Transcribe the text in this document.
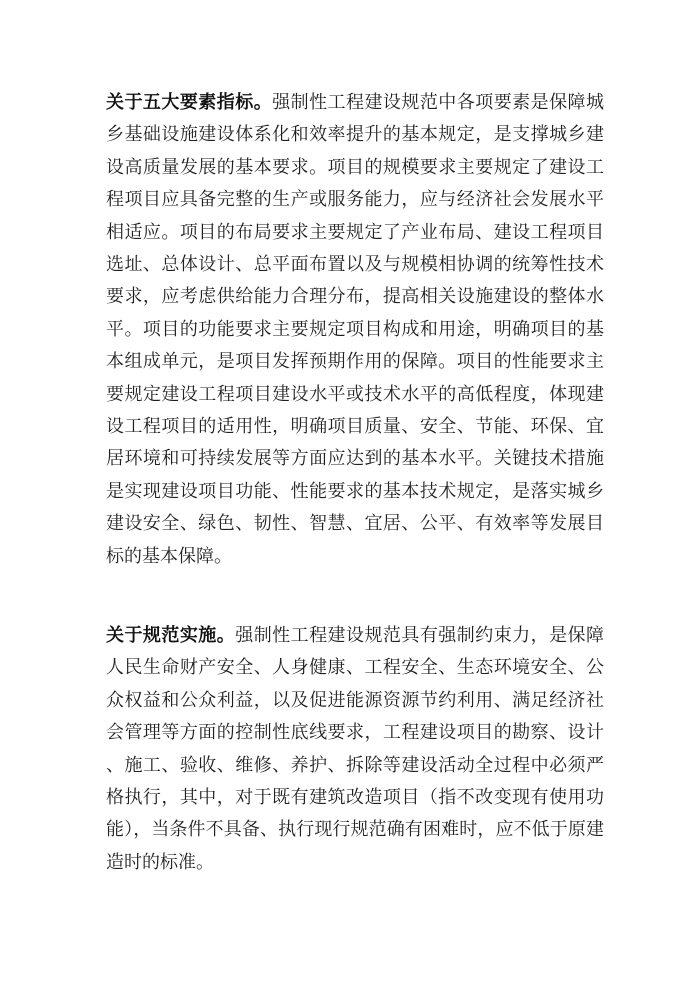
关于五大要素指标。强制性工程建设规范中各项要素是保障城乡基础设施建设体系化和效率提升的基本规定，是支撑城乡建设高质量发展的基本要求。项目的规模要求主要规定了建设工程项目应具备完整的生产或服务能力，应与经济社会发展水平相适应。项目的布局要求主要规定了产业布局、建设工程项目选址、总体设计、总平面布置以及与规模相协调的统筹性技术要求，应考虑供给能力合理分布，提高相关设施建设的整体水平。项目的功能要求主要规定项目构成和用途，明确项目的基本组成单元，是项目发挥预期作用的保障。项目的性能要求主要规定建设工程项目建设水平或技术水平的高低程度，体现建设工程项目的适用性，明确项目质量、安全、节能、环保、宜居环境和可持续发展等方面应达到的基本水平。关键技术措施是实现建设项目功能、性能要求的基本技术规定，是落实城乡建设安全、绿色、韧性、智慧、宜居、公平、有效率等发展目标的基本保障。

关于规范实施。强制性工程建设规范具有强制约束力，是保障人民生命财产安全、人身健康、工程安全、生态环境安全、公众权益和公众利益，以及促进能源资源节约利用、满足经济社会管理等方面的控制性底线要求，工程建设项目的勘察、设计、施工、验收、维修、养护、拆除等建设活动全过程中必须严格执行，其中，对于既有建筑改造项目（指不改变现有使用功能），当条件不具备、执行现行规范确有困难时，应不低于原建造时的标准。
